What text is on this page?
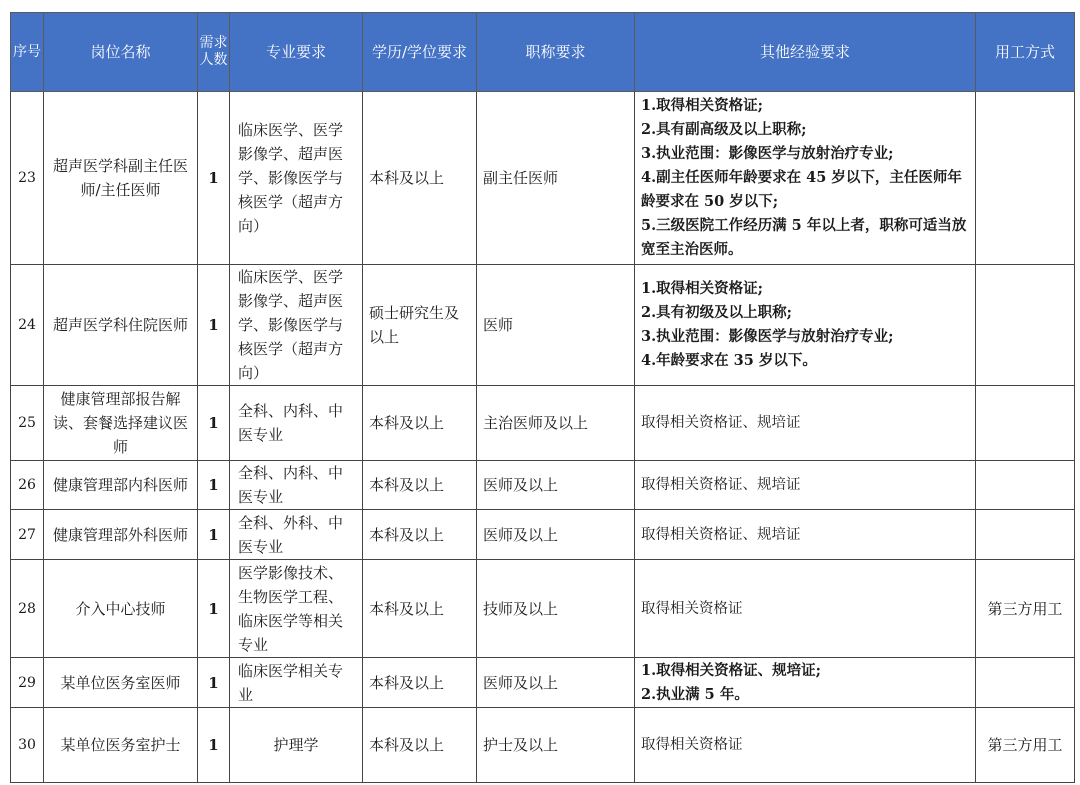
序号	岗位名称	需求人数	专业要求	学历/学位要求	职称要求	其他经验要求	用工方式
23	超声医学科副主任医师/主任医师	1	临床医学、医学影像学、超声医学、影像医学与核医学（超声方向）	本科及以上	副主任医师	1.取得相关资格证;
2.具有副高级及以上职称;
3.执业范围：影像医学与放射治疗专业;
4.副主任医师年龄要求在 45 岁以下，主任医师年龄要求在 50 岁以下;
5.三级医院工作经历满 5 年以上者，职称可适当放宽至主治医师。	

24	超声医学科住院医师	1	临床医学、医学影像学、超声医学、影像医学与核医学（超声方向）	硕士研究生及以上	医师	1.取得相关资格证;
2.具有初级及以上职称;
3.执业范围：影像医学与放射治疗专业;
4.年龄要求在 35 岁以下。	

25	健康管理部报告解读、套餐选择建议医师	1	全科、内科、中医专业	本科及以上	主治医师及以上	取得相关资格证、规培证	

26	健康管理部内科医师	1	全科、内科、中医专业	本科及以上	医师及以上	取得相关资格证、规培证	

27	健康管理部外科医师	1	全科、外科、中医专业	本科及以上	医师及以上	取得相关资格证、规培证	

28	介入中心技师	1	医学影像技术、生物医学工程、临床医学等相关专业	本科及以上	技师及以上	取得相关资格证	第三方用工
29	某单位医务室医师	1	临床医学相关专业	本科及以上	医师及以上	1.取得相关资格证、规培证;
2.执业满 5 年。	

30	某单位医务室护士	1	护理学	本科及以上	护士及以上	取得相关资格证	第三方用工
